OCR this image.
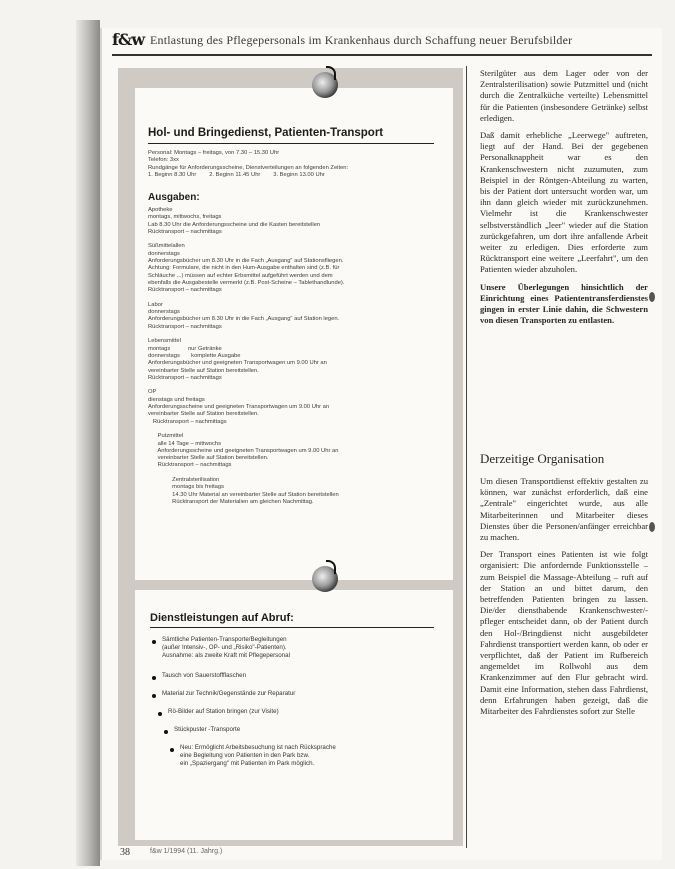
f&w Entlastung des Pflegepersonals im Krankenhaus durch Schaffung neuer Berufsbilder
Hol- und Bringedienst, Patienten-Transport
Personal: Montags – freitags, von 7.30 – 15.30 Uhr
Telefon: 3xx
Rundgänge für Anforderungsscheine, Dienstverteilungen an folgenden Zeiten:
1. Beginn 8.30 Uhr        2. Beginn 11.45 Uhr        3. Beginn 13.00 Uhr
Ausgaben:
Apotheke
montags, mittwochs, freitags
Lab 8.30 Uhr die Anforderungsscheine und die Kasten bereitstellen
Rücktransport – nachmittags

Süßmittelallen
donnerstags
Anforderungsbücher um 8.30 Uhr in die Fach „Ausgang" auf Stationsfliegen.
Achtung: Formulare, die nicht in den Hum-Ausgabe enthalten sind (z.B. für
Schläuche ...) müssen auf echter Erbsmittel aufgeführt werden und dem
ebenfalls die Ausgabestelle vermerkt (z.B. Post-Scheine – Tablethandlunde).
Rücktransport – nachmittags

Labor
donnerstags
Anforderungsbücher um 8.30 Uhr in die Fach „Ausgang" auf Station legen.
Rücktransport – nachmittags

Lebensmittel
montags           nur Getränke
donnerstags       komplette Ausgabe
Anforderungsbücher und geeigneten Transportwagen um 9.00 Uhr an
vereinbarter Stelle auf Station bereitstellen.
Rücktransport – nachmittags

OP
dienstags und freitags
Anforderungsscheine und geeigneten Transportwagen um 9.00 Uhr an
vereinbarter Stelle auf Station bereitstellen.
Rücktransport – nachmittags

Putzmittel
alle 14 Tage – mittwochs
Anforderungsscheine und geeigneten Transportwagen um 9.00 Uhr an
vereinbarter Stelle auf Station bereitstellen.
Rücktransport – nachmittags

Zentralsterilisation
montags bis freitags
14.30 Uhr Material an vereinbarter Stelle auf Station bereitstellen
Rücktransport der Materialien am gleichen Nachmittag.
Dienstleistungen auf Abruf:
Sämtliche Patienten-Transporte/Begleitungen
(außer Intensiv-, OP- und „Risiko"-Patienten).
Ausnahme: als zweite Kraft mit Pflegepersonal
Tausch von Sauerstoffflaschen
Material zur Technik/Gegenstände zur Reparatur
Rö-Bilder auf Station bringen (zur Visite)
Stückpuster -Transporte
Neu: Ermöglicht Arbeitsbesuchung ist nach Rücksprache
eine Begleitung von Patienten in den Park bzw.
ein „Spaziergang" mit Patienten im Park möglich.

Sterilgüter aus dem Lager oder von der Zentralsterilisation) sowie Putzmittel und (nicht durch die Zentralküche verteilte) Lebensmittel für die Patienten (insbesondere Getränke) selbst erledigen.

Daß damit erhebliche „Leerwege" auftreten, liegt auf der Hand. Bei der gegebenen Personalknappheit war es den Krankenschwestern nicht zuzumuten, zum Beispiel in der Röntgen-Abteilung zu warten, bis der Patient dort untersucht worden war, um ihn dann gleich wieder mit zurückzunehmen. Vielmehr ist die Krankenschwester selbstverständlich „leer" wieder auf die Station zurückgefahren, um dort ihre anfallende Arbeit weiter zu erledigen. Dies erforderte zum Rücktransport eine weitere „Leerfahrt", um den Patienten wieder abzuholen.

Unsere Überlegungen hinsichtlich der Einrichtung eines Patiententransferdienstes gingen in erster Linie dahin, die Schwestern von diesen Transporten zu entlasten.

Derzeitige Organisation

Um diesen Transportdienst effektiv gestalten zu können, war zunächst erforderlich, daß eine „Zentrale" eingerichtet wurde, aus alle Mitarbeiterinnen und Mitarbeiter dieses Dienstes über die Personen/anfänger erreichbar zu machen.

Der Transport eines Patienten ist wie folgt organisiert: Die anfordernde Funktionsstelle – zum Beispiel die Massage-Abteilung – ruft auf der Station an und bittet darum, den betreffenden Patienten bringen zu lassen. Die/der diensthabende Krankenschwester/-pfleger entscheidet dann, ob der Patient durch den Hol-/Bringdienst nicht ausgebildeter Fahrdienst transportiert werden kann, ob oder er verpflichtet, daß der Patient im Rufbereich angemeldet im Rollwohl aus dem Krankenzimmer auf den Flur gebracht wird. Damit eine Information, stehen dass Fahrdienst, denn Erfahrungen haben gezeigt, daß die Mitarbeiter des Fahrdienstes sofort zur Stelle

38	f&w 1/1994 (11. Jahrg.)
